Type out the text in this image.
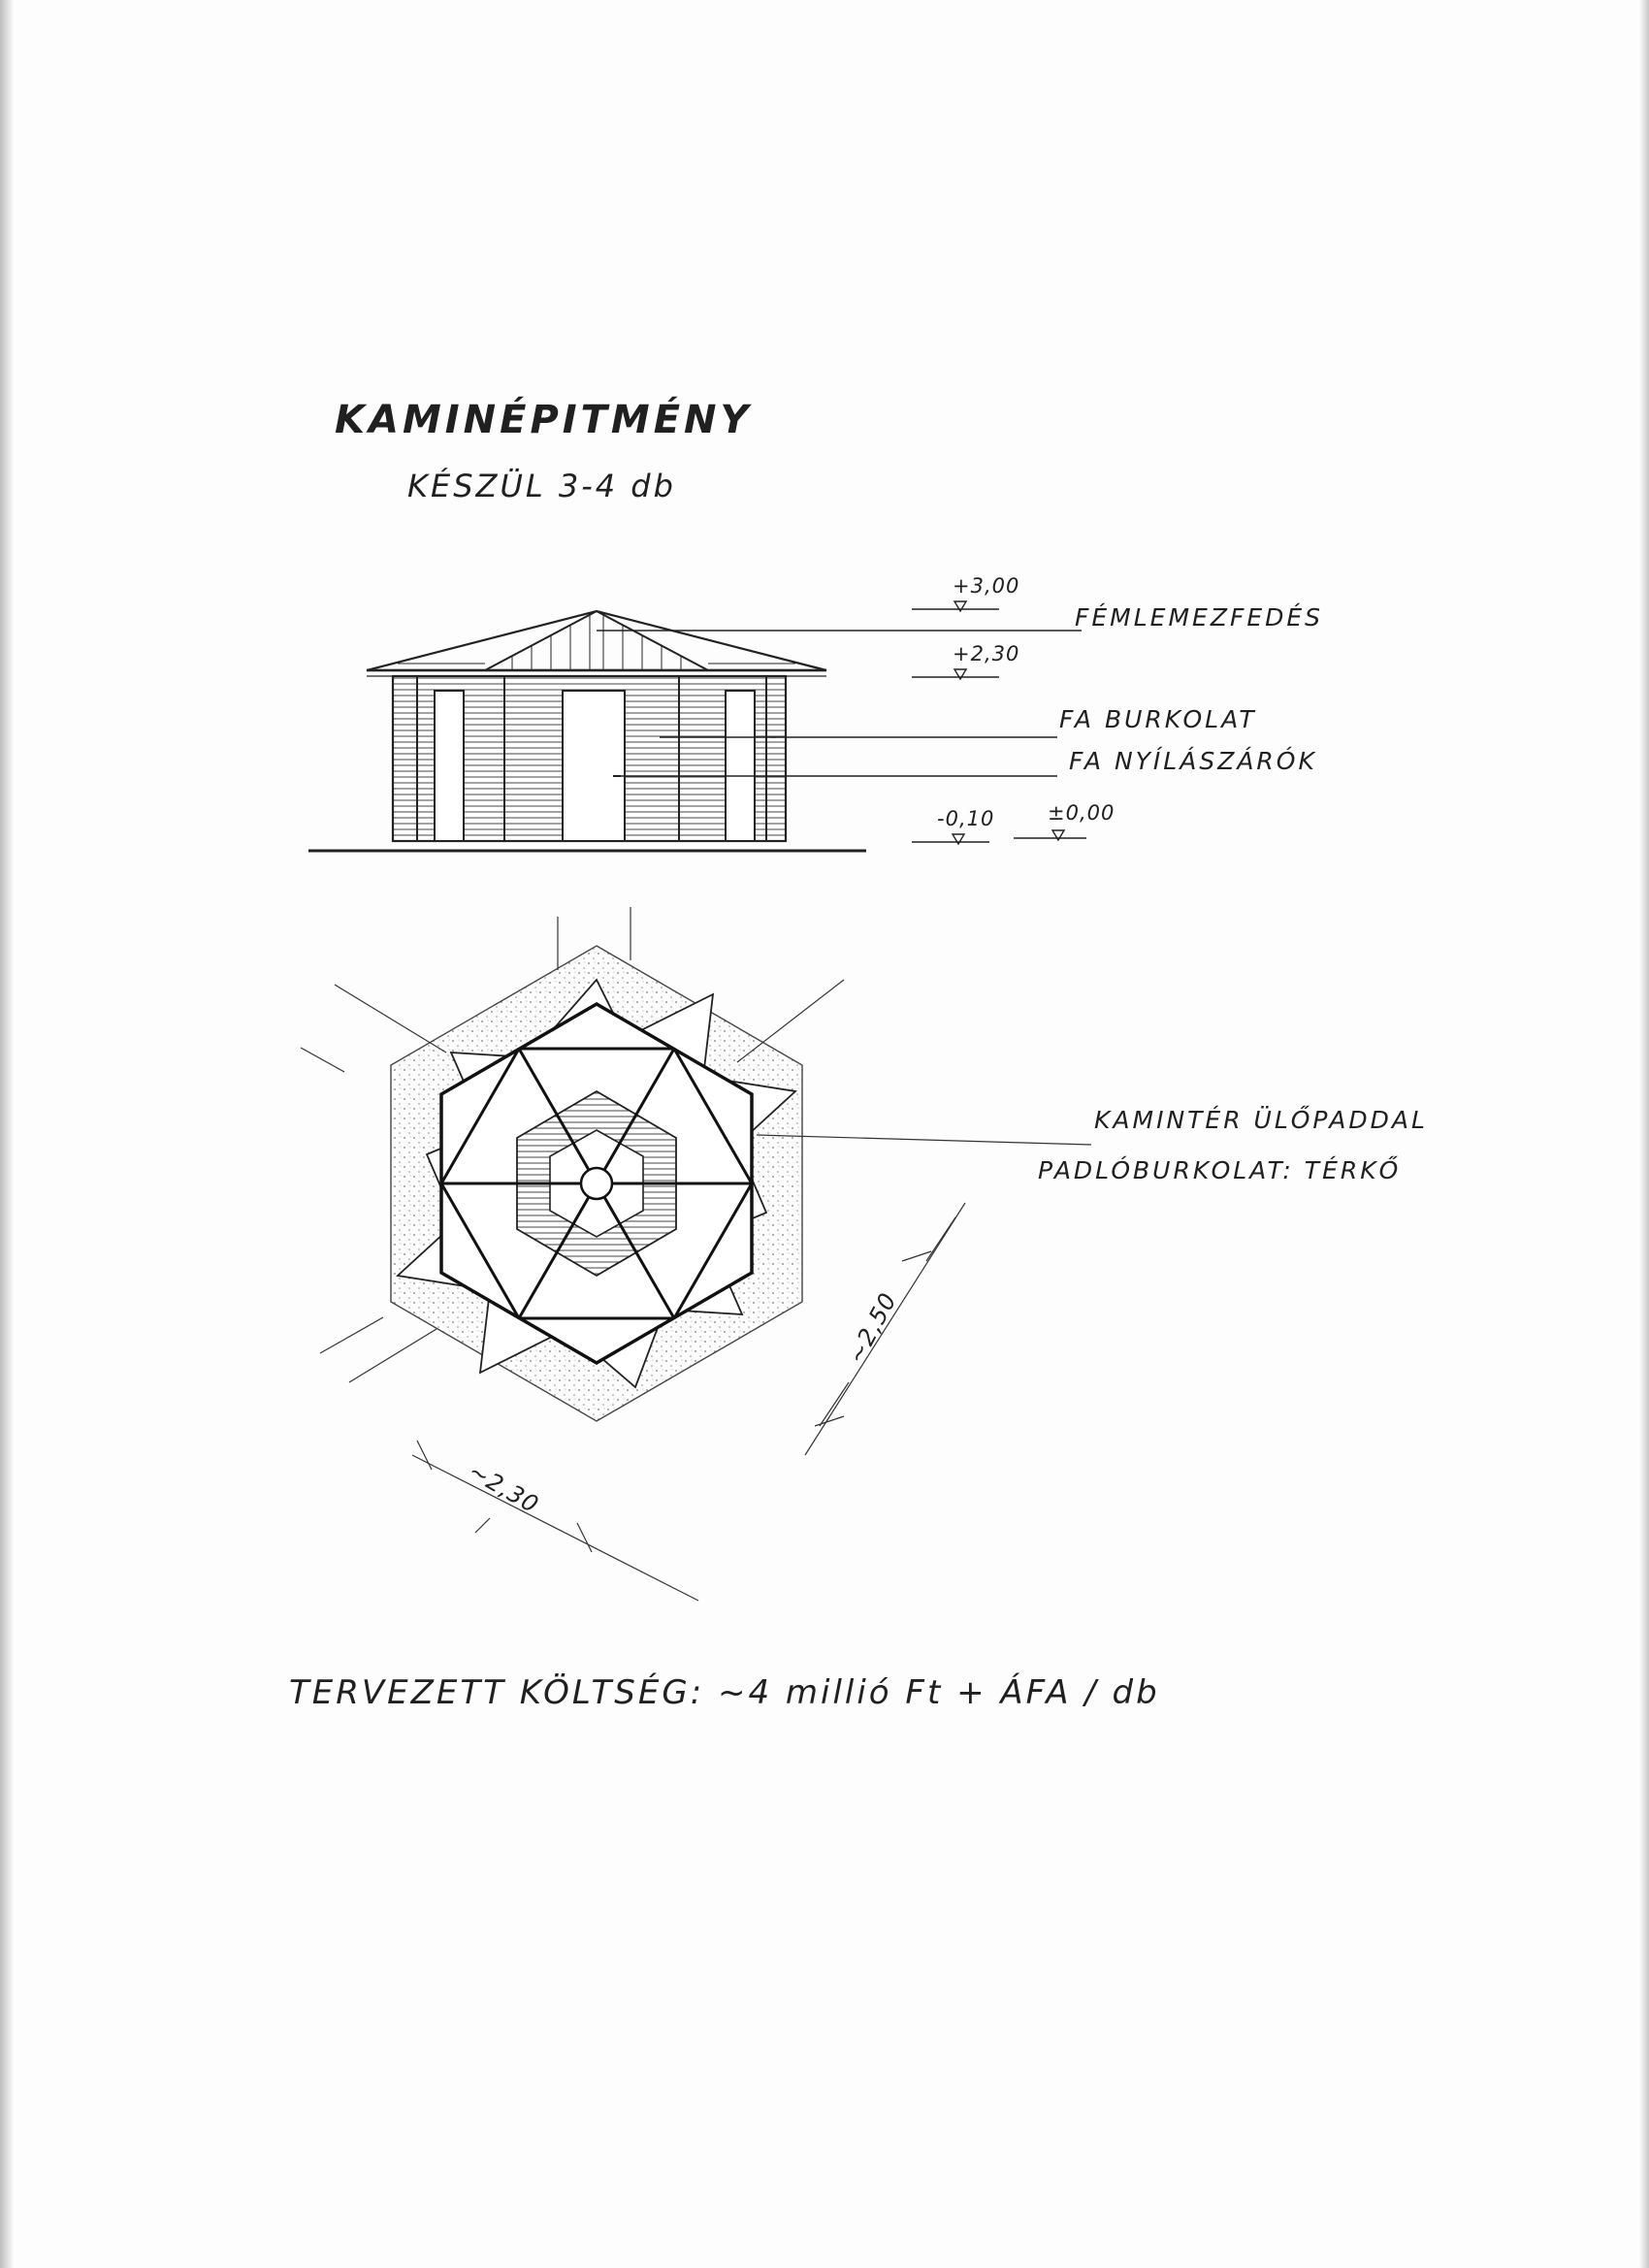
KAMINÉPITMÉNY
KÉSZÜL 3-4 db
+3,00
+2,30
-0,10	±0,00
FÉMLEMEZFEDÉS
FA BURKOLAT
FA NYÍLÁSZÁRÓK
KAMINTÉR ÜLŐPADDAL
PADLÓBURKOLAT: TÉRKŐ
~2,50
~2,30
TERVEZETT KÖLTSÉG: ~4 millió Ft + ÁFA / db
